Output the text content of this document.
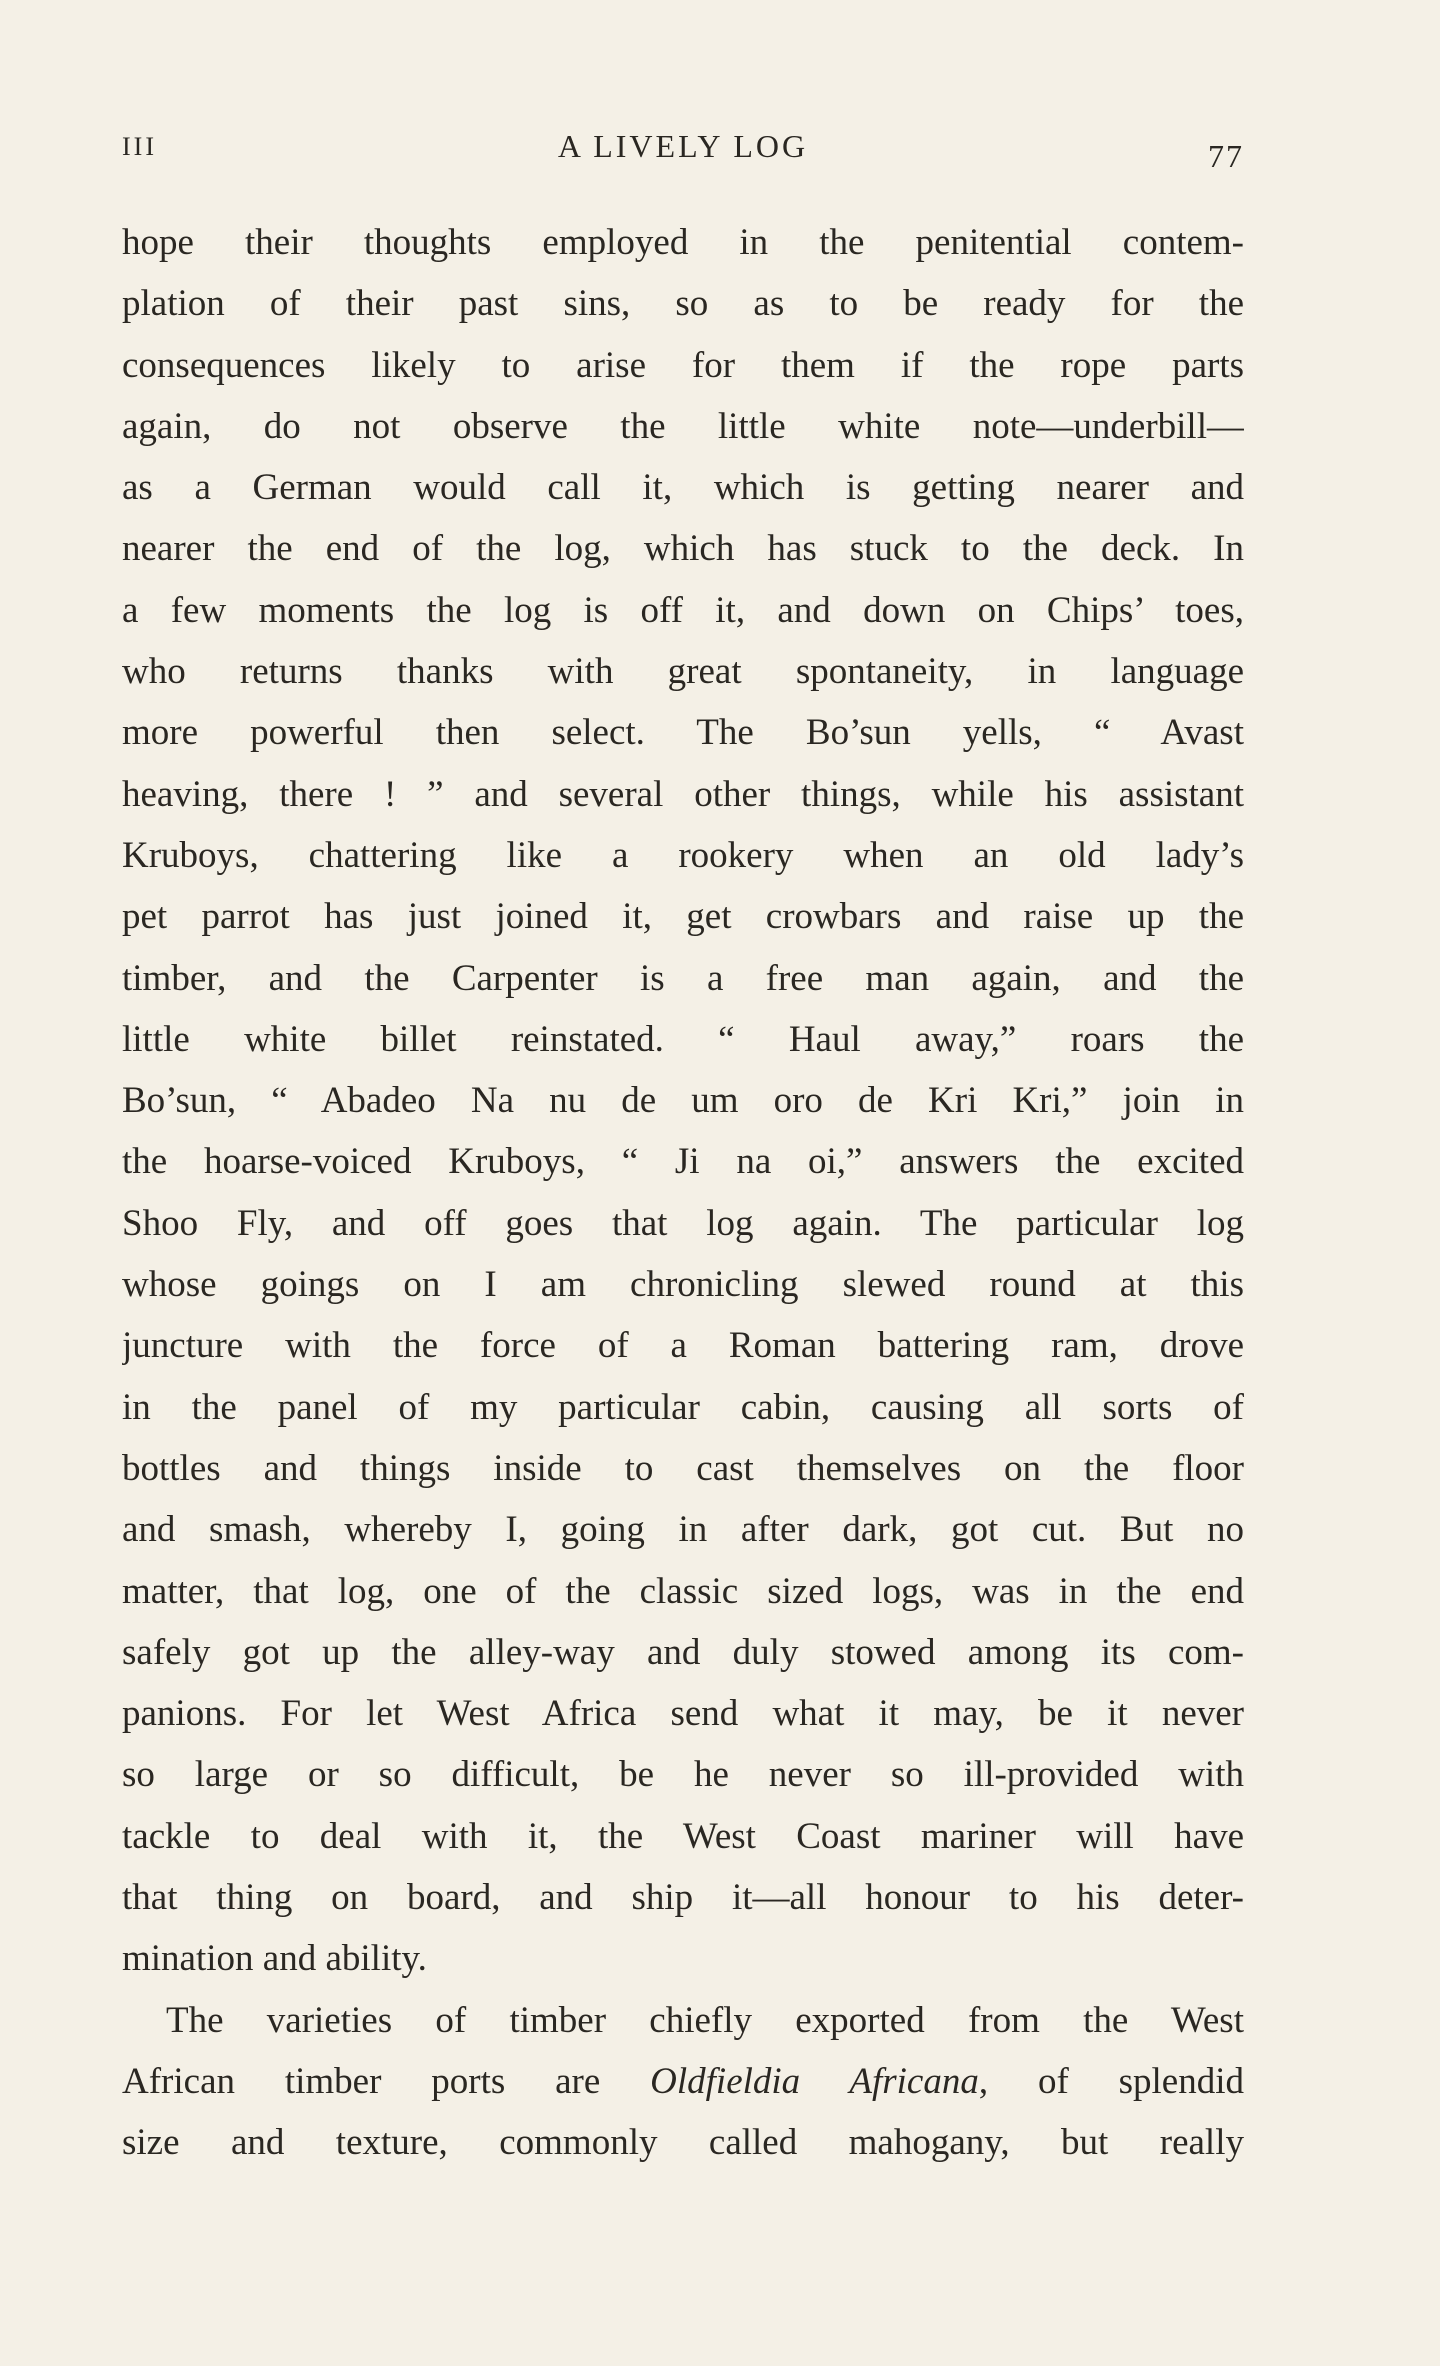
III	A LIVELY LOG	77
hope their thoughts employed in the penitential contem-
plation of their past sins, so as to be ready for the
consequences likely to arise for them if the rope parts
again, do not observe the little white note—underbill—
as a German would call it, which is getting nearer and
nearer the end of the log, which has stuck to the deck. In
a few moments the log is off it, and down on Chips’ toes,
who returns thanks with great spontaneity, in language
more powerful then select. The Bo’sun yells, “ Avast
heaving, there ! ” and several other things, while his assistant
Kruboys, chattering like a rookery when an old lady’s
pet parrot has just joined it, get crowbars and raise up the
timber, and the Carpenter is a free man again, and the
little white billet reinstated. “ Haul away,” roars the
Bo’sun, “ Abadeo Na nu de um oro de Kri Kri,” join in
the hoarse-voiced Kruboys, “ Ji na oi,” answers the excited
Shoo Fly, and off goes that log again. The particular log
whose goings on I am chronicling slewed round at this
juncture with the force of a Roman battering ram, drove
in the panel of my particular cabin, causing all sorts of
bottles and things inside to cast themselves on the floor
and smash, whereby I, going in after dark, got cut. But no
matter, that log, one of the classic sized logs, was in the end
safely got up the alley-way and duly stowed among its com-
panions. For let West Africa send what it may, be it never
so large or so difficult, be he never so ill-provided with
tackle to deal with it, the West Coast mariner will have
that thing on board, and ship it—all honour to his deter-
mination and ability.
The varieties of timber chiefly exported from the West
African timber ports are Oldfieldia Africana, of splendid
size and texture, commonly called mahogany, but really
